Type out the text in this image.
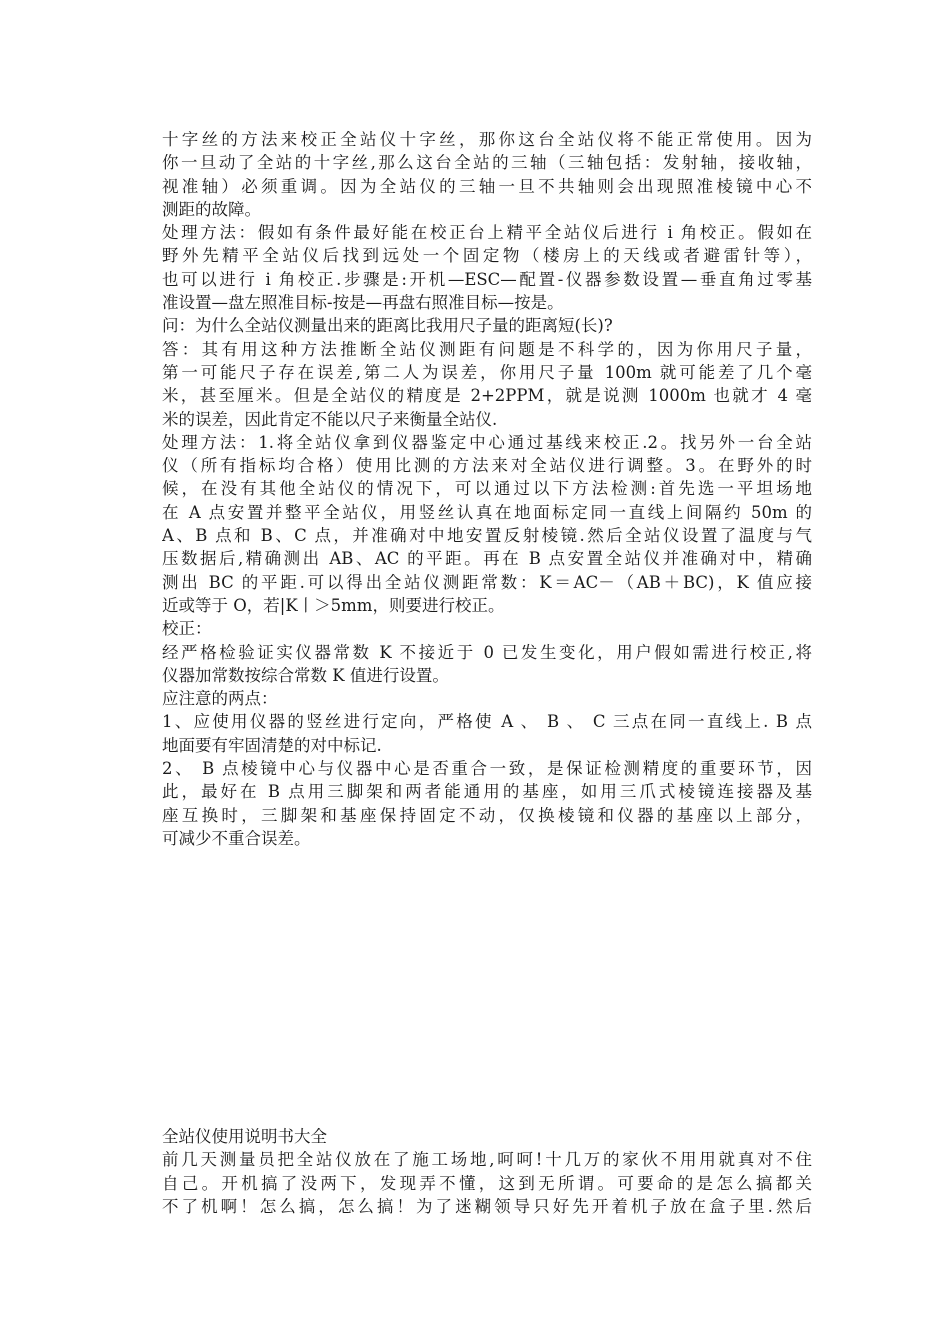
十字丝的方法来校正全站仪十字丝，那你这台全站仪将不能正常使用。因为
你一旦动了全站的十字丝,那么这台全站的三轴（三轴包括：发射轴，接收轴，
视准轴）必须重调。因为全站仪的三轴一旦不共轴则会出现照准棱镜中心不
测距的故障。
处理方法：假如有条件最好能在校正台上精平全站仪后进行 i 角校正。假如在
野外先精平全站仪后找到远处一个固定物（楼房上的天线或者避雷针等），
也可以进行 i 角校正.步骤是:开机—ESC—配置-仪器参数设置—垂直角过零基
准设置—盘左照准目标-按是—再盘右照准目标—按是。
问：为什么全站仪测量出来的距离比我用尺子量的距离短(长)?
答：其有用这种方法推断全站仪测距有问题是不科学的，因为你用尺子量，
第一可能尺子存在误差,第二人为误差，你用尺子量 100m 就可能差了几个毫
米，甚至厘米。但是全站仪的精度是 2+2PPM，就是说测 1000m 也就才 4 毫
米的误差，因此肯定不能以尺子来衡量全站仪.
处理方法：1.将全站仪拿到仪器鉴定中心通过基线来校正.2。找另外一台全站
仪（所有指标均合格）使用比测的方法来对全站仪进行调整。3。在野外的时
候，在没有其他全站仪的情况下，可以通过以下方法检测:首先选一平坦场地
在 A 点安置并整平全站仪，用竖丝认真在地面标定同一直线上间隔约 50m 的
A、B 点和 B、C 点，并准确对中地安置反射棱镜.然后全站仪设置了温度与气
压数据后,精确测出 AB、AC 的平距。再在 B 点安置全站仪并准确对中，精确
测出 BC 的平距.可以得出全站仪测距常数：K＝AC－（AB＋BC)，K 值应接
近或等于 O，若|K丨＞5mm，则要进行校正。
校正：
经严格检验证实仪器常数 K 不接近于 0 已发生变化，用户假如需进行校正,将
仪器加常数按综合常数 K 值进行设置。
应注意的两点：
1、应使用仪器的竖丝进行定向，严格使 A 、 B 、 C 三点在同一直线上. B 点
地面要有牢固清楚的对中标记.
2、 B 点棱镜中心与仪器中心是否重合一致，是保证检测精度的重要环节，因
此，最好在 B 点用三脚架和两者能通用的基座，如用三爪式棱镜连接器及基
座互换时，三脚架和基座保持固定不动，仅换棱镜和仪器的基座以上部分，
可减少不重合误差。
全站仪使用说明书大全
前几天测量员把全站仪放在了施工场地,呵呵!十几万的家伙不用用就真对不住
自己。开机搞了没两下，发现弄不懂，这到无所谓。可要命的是怎么搞都关
不了机啊！怎么搞，怎么搞！为了迷糊领导只好先开着机子放在盒子里.然后
